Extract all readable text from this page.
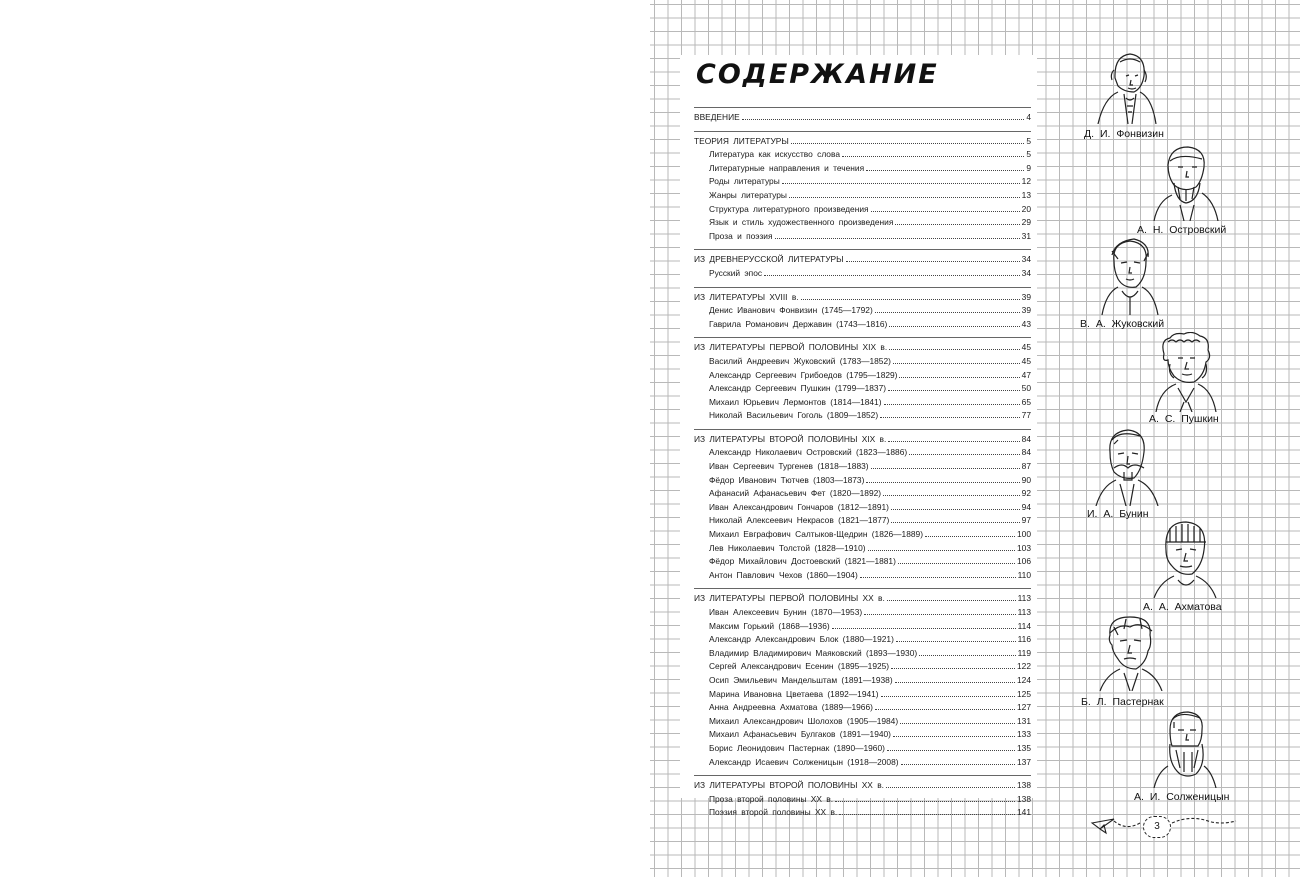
СОДЕРЖАНИЕ
ВВЕДЕНИЕ	4
ТЕОРИЯ ЛИТЕРАТУРЫ	5
Литература как искусство слова	5
Литературные направления и течения	9
Роды литературы	12
Жанры литературы	13
Структура литературного произведения	20
Язык и стиль художественного произведения	29
Проза и поэзия	31
ИЗ ДРЕВНЕРУССКОЙ ЛИТЕРАТУРЫ	34
Русский эпос	34
ИЗ ЛИТЕРАТУРЫ XVIII в.	39
Денис Иванович Фонвизин (1745—1792)	39
Гаврила Романович Державин (1743—1816)	43
ИЗ ЛИТЕРАТУРЫ ПЕРВОЙ ПОЛОВИНЫ XIX в.	45
Василий Андреевич Жуковский (1783—1852)	45
Александр Сергеевич Грибоедов (1795—1829)	47
Александр Сергеевич Пушкин (1799—1837)	50
Михаил Юрьевич Лермонтов (1814—1841)	65
Николай Васильевич Гоголь (1809—1852)	77
ИЗ ЛИТЕРАТУРЫ ВТОРОЙ ПОЛОВИНЫ XIX в.	84
Александр Николаевич Островский (1823—1886)	84
Иван Сергеевич Тургенев (1818—1883)	87
Фёдор Иванович Тютчев (1803—1873)	90
Афанасий Афанасьевич Фет (1820—1892)	92
Иван Александрович Гончаров (1812—1891)	94
Николай Алексеевич Некрасов (1821—1877)	97
Михаил Евграфович Салтыков-Щедрин (1826—1889)	100
Лев Николаевич Толстой (1828—1910)	103
Фёдор Михайлович Достоевский (1821—1881)	106
Антон Павлович Чехов (1860—1904)	110
ИЗ ЛИТЕРАТУРЫ ПЕРВОЙ ПОЛОВИНЫ XX в.	113
Иван Алексеевич Бунин (1870—1953)	113
Максим Горький (1868—1936)	114
Александр Александрович Блок (1880—1921)	116
Владимир Владимирович Маяковский (1893—1930)	119
Сергей Александрович Есенин (1895—1925)	122
Осип Эмильевич Мандельштам (1891—1938)	124
Марина Ивановна Цветаева (1892—1941)	125
Анна Андреевна Ахматова (1889—1966)	127
Михаил Александрович Шолохов (1905—1984)	131
Михаил Афанасьевич Булгаков (1891—1940)	133
Борис Леонидович Пастернак (1890—1960)	135
Александр Исаевич Солженицын (1918—2008)	137
ИЗ ЛИТЕРАТУРЫ ВТОРОЙ ПОЛОВИНЫ XX в.	138
Проза второй половины XX в.	138
Поэзия второй половины XX в.	141
Д. И. Фонвизин
А. Н. Островский
В. А. Жуковский
А. С. Пушкин
И. А. Бунин
А. А. Ахматова
Б. Л. Пастернак
А. И. Солженицын
3
